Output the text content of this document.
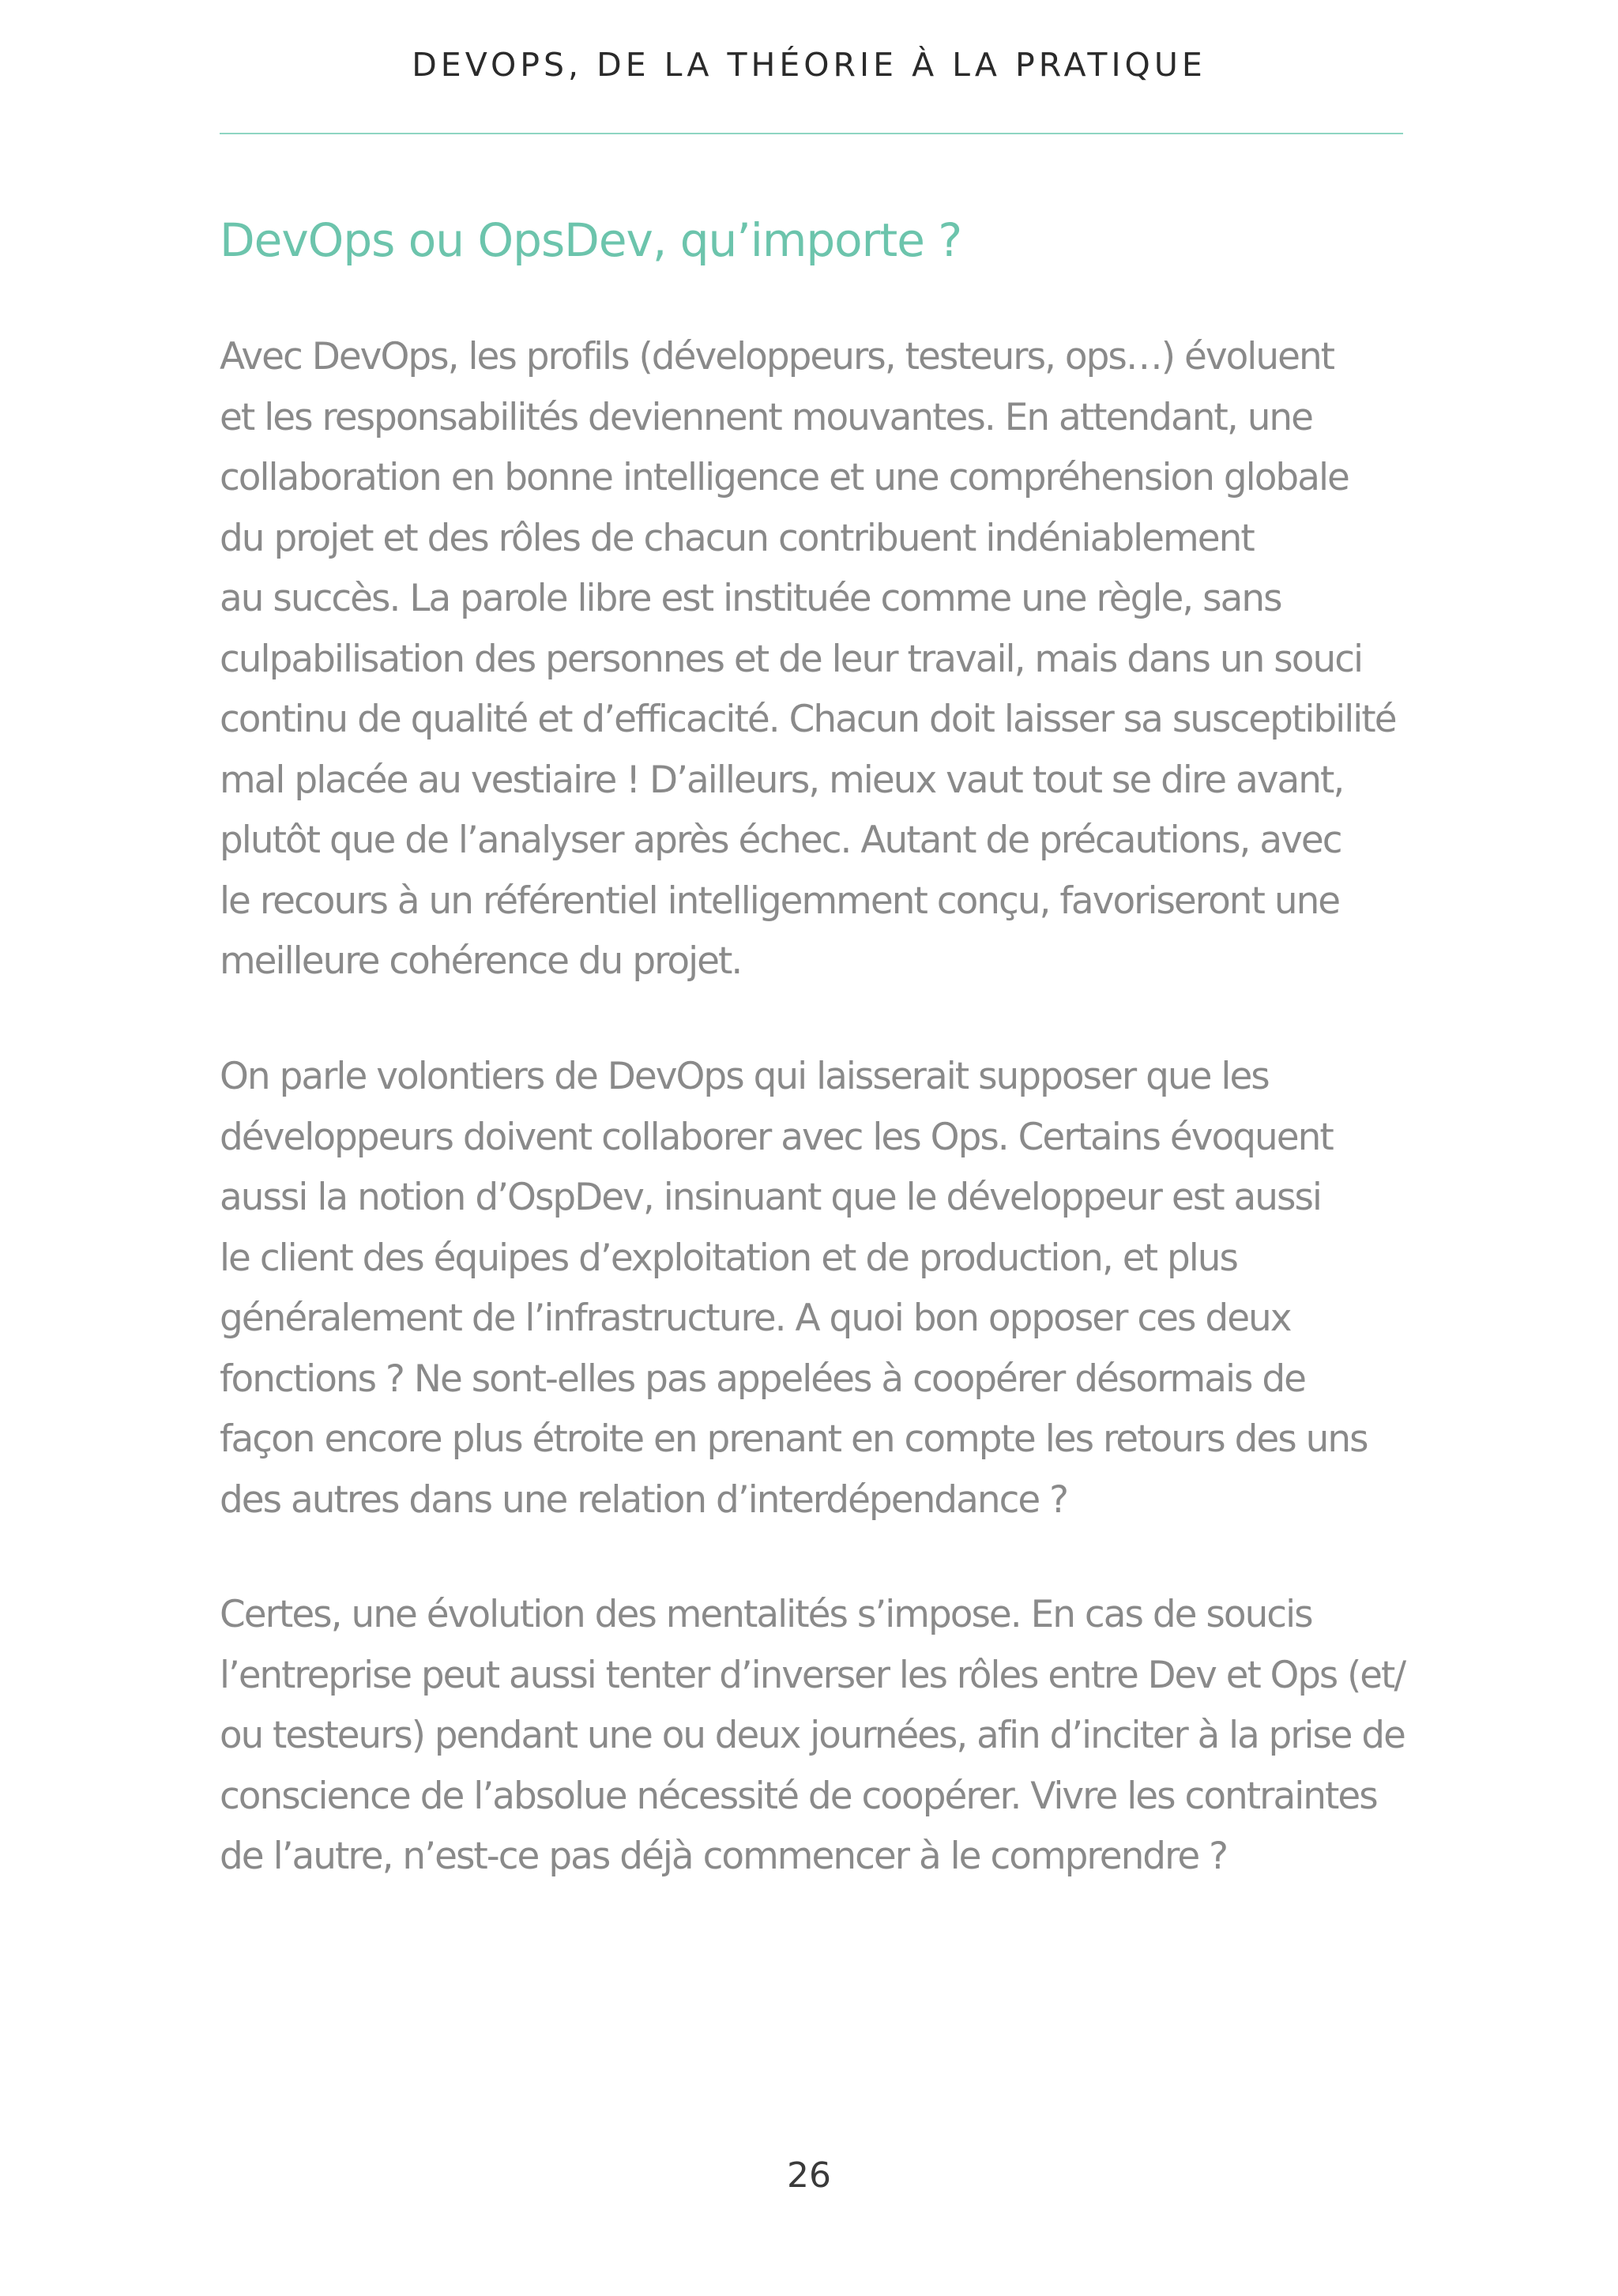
DEVOPS, DE LA THÉORIE À LA PRATIQUE
DevOps ou OpsDev, qu’importe ?
Avec DevOps, les profils (développeurs, testeurs, ops…) évoluent
et les responsabilités deviennent mouvantes. En attendant, une
collaboration en bonne intelligence et une compréhension globale
du projet et des rôles de chacun contribuent indéniablement
au succès. La parole libre est instituée comme une règle, sans
culpabilisation des personnes et de leur travail, mais dans un souci
continu de qualité et d’efficacité. Chacun doit laisser sa susceptibilité
mal placée au vestiaire ! D’ailleurs, mieux vaut tout se dire avant,
plutôt que de l’analyser après échec. Autant de précautions, avec
le recours à un référentiel intelligemment conçu, favoriseront une
meilleure cohérence du projet.
On parle volontiers de DevOps qui laisserait supposer que les
développeurs doivent collaborer avec les Ops. Certains évoquent
aussi la notion d’OspDev, insinuant que le développeur est aussi
le client des équipes d’exploitation et de production, et plus
généralement de l’infrastructure. A quoi bon opposer ces deux
fonctions ? Ne sont-elles pas appelées à coopérer désormais de
façon encore plus étroite en prenant en compte les retours des uns
des autres dans une relation d’interdépendance ?
Certes, une évolution des mentalités s’impose. En cas de soucis
l’entreprise peut aussi tenter d’inverser les rôles entre Dev et Ops (et/
ou testeurs) pendant une ou deux journées, afin d’inciter à la prise de
conscience de l’absolue nécessité de coopérer. Vivre les contraintes
de l’autre, n’est-ce pas déjà commencer à le comprendre ?
26
